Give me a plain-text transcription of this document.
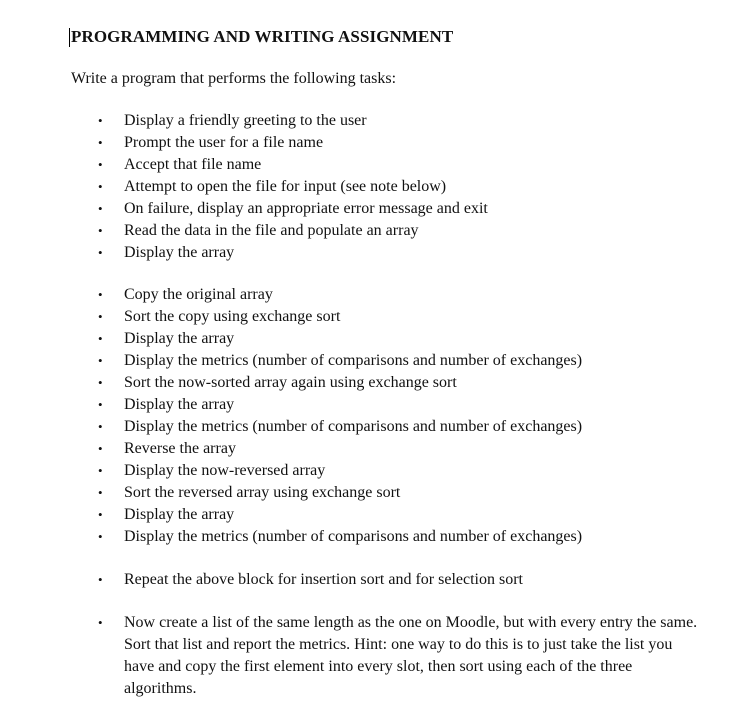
PROGRAMMING AND WRITING ASSIGNMENT

Write a program that performs the following tasks:

• Display a friendly greeting to the user
• Prompt the user for a file name
• Accept that file name
• Attempt to open the file for input (see note below)
• On failure, display an appropriate error message and exit
• Read the data in the file and populate an array
• Display the array
• Copy the original array
• Sort the copy using exchange sort
• Display the array
• Display the metrics (number of comparisons and number of exchanges)
• Sort the now-sorted array again using exchange sort
• Display the array
• Display the metrics (number of comparisons and number of exchanges)
• Reverse the array
• Display the now-reversed array
• Sort the reversed array using exchange sort
• Display the array
• Display the metrics (number of comparisons and number of exchanges)
• Repeat the above block for insertion sort and for selection sort
• Now create a list of the same length as the one on Moodle, but with every entry the same. Sort that list and report the metrics. Hint: one way to do this is to just take the list you have and copy the first element into every slot, then sort using each of the three algorithms.
